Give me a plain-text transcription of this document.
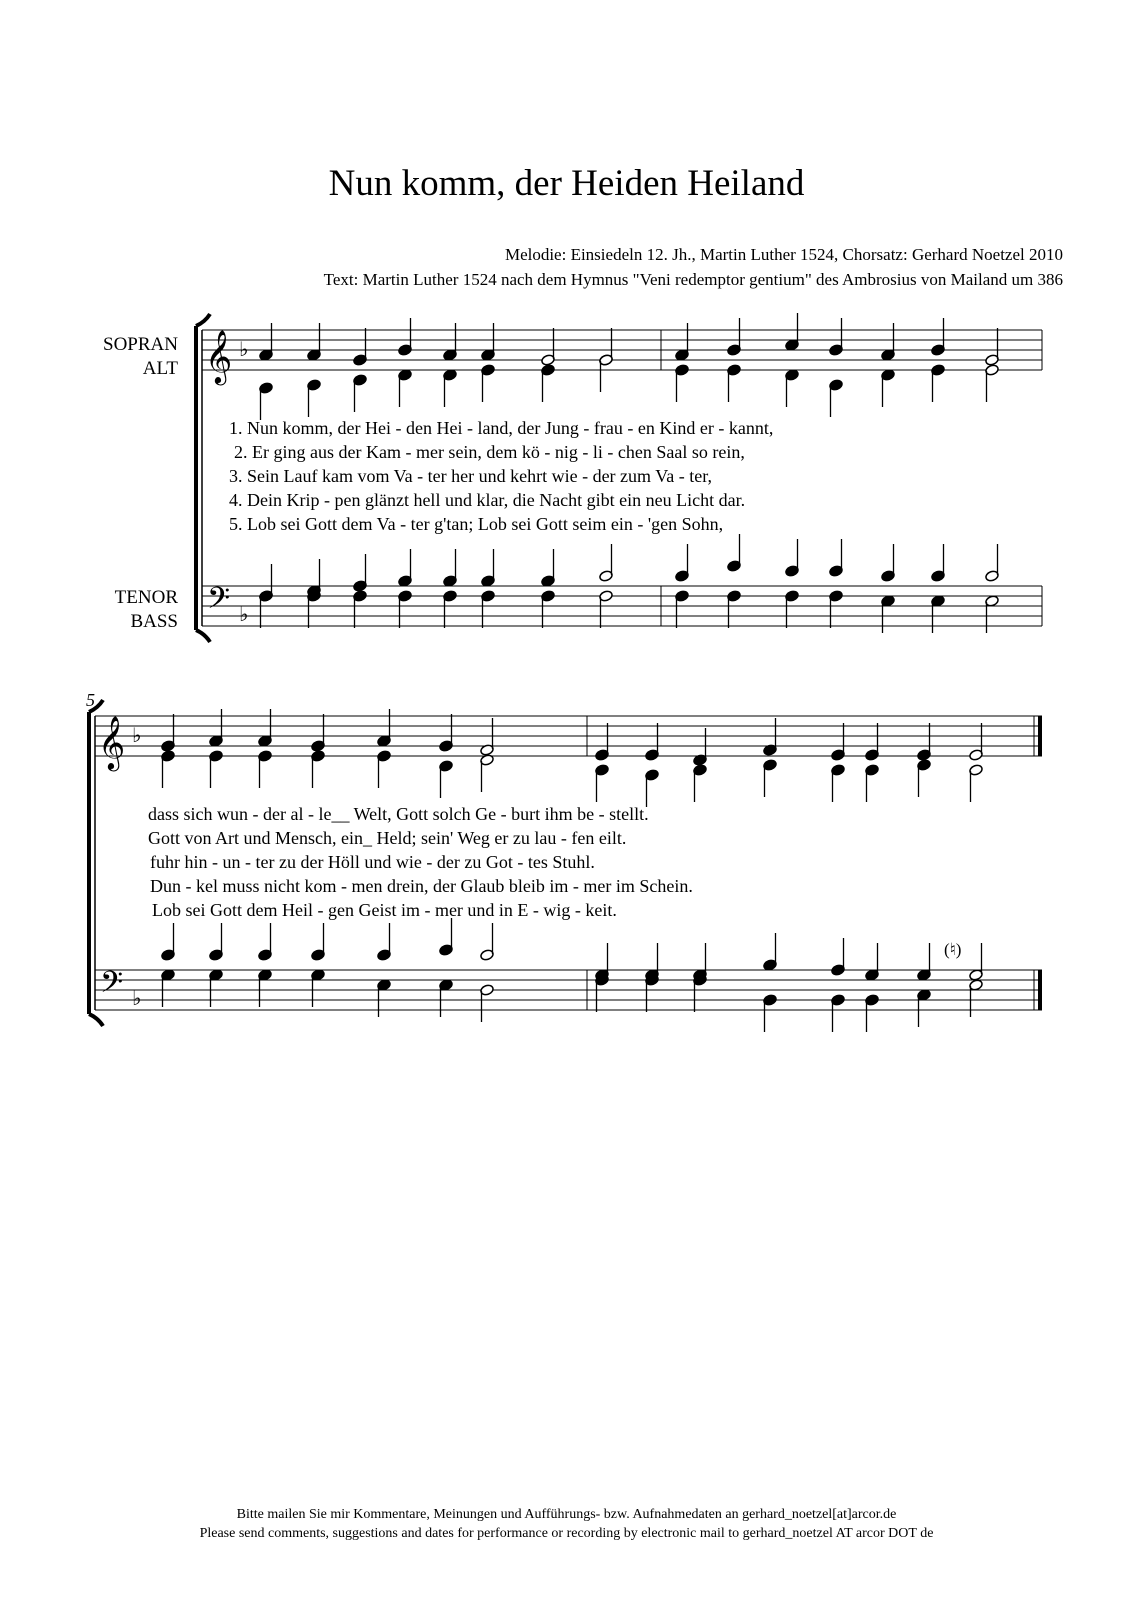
Nun komm, der Heiden Heiland
Melodie: Einsiedeln 12. Jh., Martin Luther 1524, Chorsatz: Gerhard Noetzel 2010
Text: Martin Luther 1524 nach dem Hymnus "Veni redemptor gentium" des Ambrosius von Mailand um 386
SOPRAN
ALT
TENOR
BASS
1. Nun komm, der Hei - den Hei - land, der Jung - frau - en Kind er - kannt,
2. Er ging aus der Kam - mer sein, dem kö - nig - li - chen Saal so rein,
3. Sein Lauf kam vom Va - ter her und kehrt wie - der zum Va - ter,
4. Dein Krip - pen glänzt hell und klar, die Nacht gibt ein neu Licht dar.
5. Lob sei Gott dem Va - ter g'tan; Lob sei Gott seim ein - 'gen Sohn,
dass sich wun - der al - le__ Welt, Gott solch Ge - burt ihm be - stellt.
Gott von Art und Mensch, ein_ Held; sein' Weg er zu lau - fen eilt.
fuhr hin - un - ter zu der Höll und wie - der zu Got - tes Stuhl.
Dun - kel muss nicht kom - men drein, der Glaub bleib im - mer im Schein.
Lob sei Gott dem Heil - gen Geist im - mer und in E - wig - keit.
5
(♮)
Bitte mailen Sie mir Kommentare, Meinungen und Aufführungs- bzw. Aufnahmedaten an gerhard_noetzel[at]arcor.de
Please send comments, suggestions and dates for performance or recording by electronic mail to gerhard_noetzel AT arcor DOT de
𝄞
𝄢
♭
♭
𝄞
𝄢
♭
♭
